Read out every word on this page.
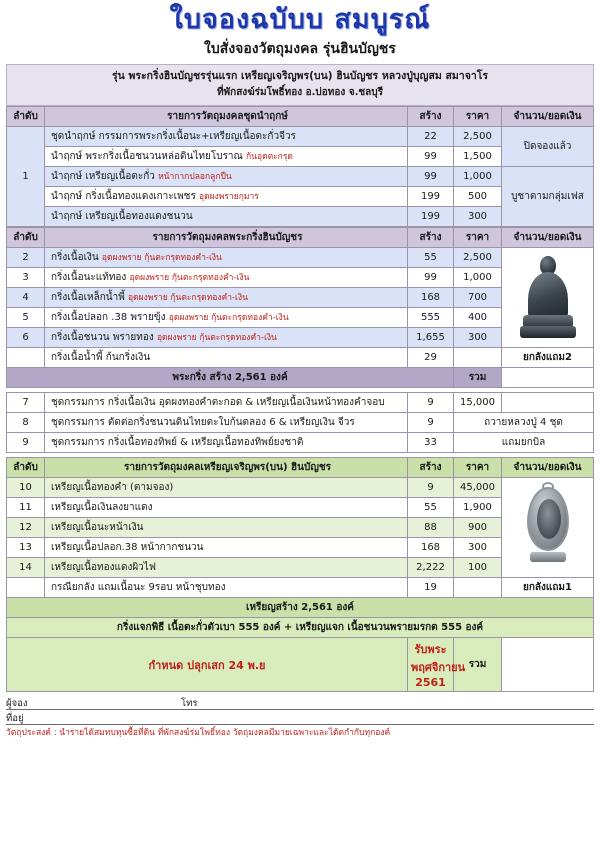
ใบจองฉบับบ สมบูรณ์
ใบสั่งจองวัตถุมงคล รุ่นฮินบัญชร
รุ่น พระกริ่งฮินบัญชรรุ่นแรก เหรียญเจริญพร(บน) ฮินบัญชร หลวงปู่บุญสม สมาจาโร
ที่พักสงฆ์ร่มโพธิ์ทอง อ.บ่อทอง จ.ชลบุรี
ลำดับ	รายการวัตถุมงคลชุดนำฤกษ์	สร้าง	ราคา	จำนวน/ยอดเงิน
1	ชุดนำฤกษ์ กรรมการพระกริ่งเนื้อนะ+เหรียญเนื้อตะกั่วจีวร	22	2,500	ปิดจองแล้ว
	นำฤกษ์ พระกริ่งเนื้อชนวนหล่อดินไทยโบราณ ก้นอุดตะกรุด	99	1,500	
	นำฤกษ์ เหรียญเนื้อตะกั่ว หน้ากากปลอกลูกปืน	99	1,000	บูชาตามกลุ่มเฟส
	นำฤกษ์ กริ่งเนื้อทองแดงเกาะเพชร อุดผงพรายกุมาร	199	500	
	นำฤกษ์ เหรียญเนื้อทองแดงชนวน	199	300	
ลำดับ	รายการวัตถุมงคลพระกริ่งฮินบัญชร	สร้าง	ราคา	จำนวน/ยอดเงิน
2	กริ่งเนื้อเงิน อุดผงพราย กุ้นตะกรุดทองคำ-เงิน	55	2,500	

3	กริ่งเนื้อนะแท้ทอง อุดผงพราย กุ้นตะกรุดทองคำ-เงิน	99	1,000	
4	กริ่งเนื้อเหล็กน้ำพี้ อุดผงพราย กุ้นตะกรุดทองคำ-เงิน	168	700	
5	กริ่งเนื้อปลอก .38 พรายขุ้ง อุดผงพราย กุ้นตะกรุดทองคำ-เงิน	555	400	
6	กริ่งเนื้อชนวน พรายทอง อุดผงพราย กุ้นตะกรุดทองคำ-เงิน	1,655	300	
	กริ่งเนื้อน้ำพี้ ก้นกริ่งเงิน	29		ยกลังแถม2
พระกริ่ง สร้าง 2,561 องค์			รวม	
7	ชุดกรรมการ กริ่งเนื้อเงิน อุดผงทองคำตะกอด & เหรียญเนื้อเงินหน้าทองคำจอบ	9	15,000	
8	ชุดกรรมการ ตัดต่อกริ่งชนวนดินไทยตะใบก้นตลอง 6 & เหรียญเงิน จีวร	9	ถวายหลวงปู่ 4 ชุด	
9	ชุดกรรมการ กริ่งเนื้อทองทิพย์ & เหรียญเนื้อทองทิพย์ยงชาติ	33	แถมยกบิล	
ลำดับ	รายการวัตถุมงคลเหรียญเจริญพร(บน) ฮินบัญชร	สร้าง	ราคา	จำนวน/ยอดเงิน
10	เหรียญเนื้อทองคำ (ตามจอง)	9	45,000	

11	เหรียญเนื้อเงินลงยาแดง	55	1,900	
12	เหรียญเนื้อนะหน้าเงิน	88	900	
13	เหรียญเนื้อปลอก.38 หน้ากากชนวน	168	300	
14	เหรียญเนื้อทองแดงผิวไฟ	2,222	100	
	กรณียกลัง แถมเนื้อนะ 9รอบ หน้าชุบทอง	19		ยกลังแถม1
เหรียญสร้าง 2,561 องค์				
กริ่งแจกพิธี เนื้อตะกั่วตัวเบา 555 องค์ + เหรียญแจก เนื้อชนวนพรายมรกต 555 องค์				
กำหนด ปลุกเสก 24 พ.ย		รับพระ พฤศจิกายน 2561	รวม	
ผู้จอง	โทร
ที่อยู่
วัตถุประสงค์ : นำรายได้สมทบทุนซื้อที่ดิน ที่พักสงฆ์ร่มโพธิ์ทอง วัตถุมงคลมีมายเฉพาะและได้ตกำกับทุกองค์
